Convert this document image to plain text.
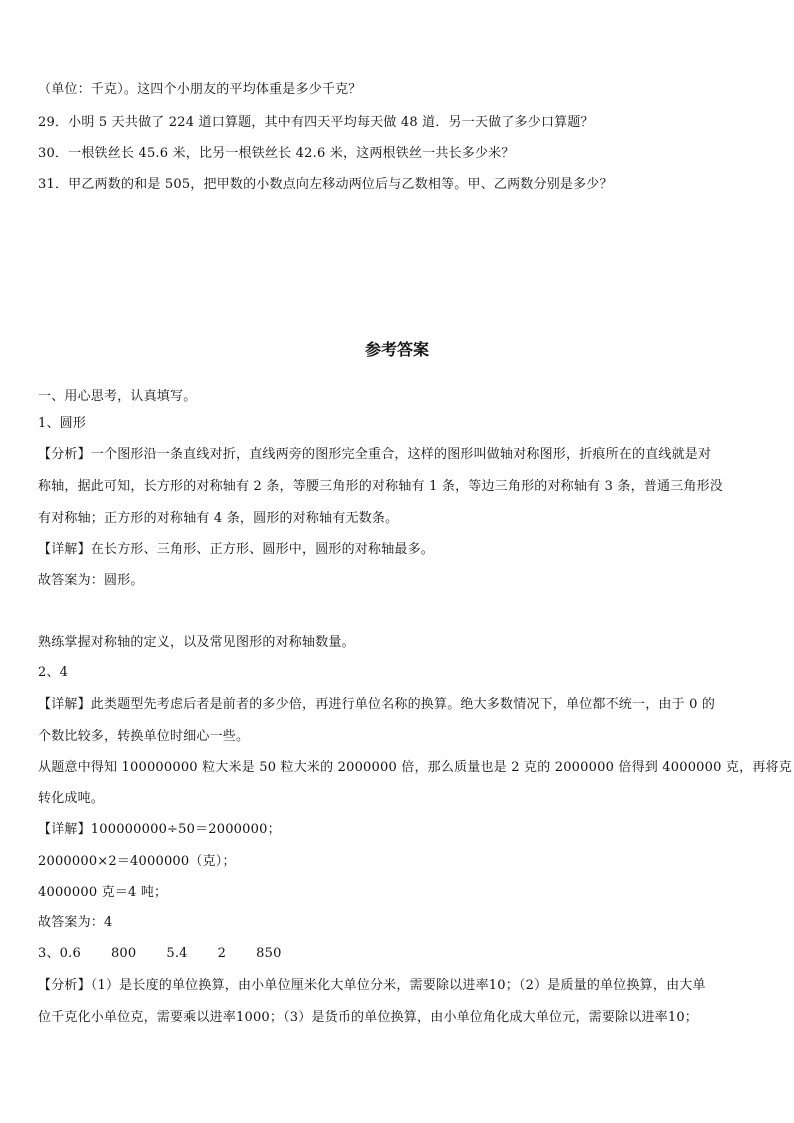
（单位：千克）。这四个小朋友的平均体重是多少千克？
29．小明 5 天共做了 224 道口算题，其中有四天平均每天做 48 道．另一天做了多少口算题？
30．一根铁丝长 45.6 米，比另一根铁丝长 42.6 米，这两根铁丝一共长多少米？
31．甲乙两数的和是 505，把甲数的小数点向左移动两位后与乙数相等。甲、乙两数分别是多少？
参考答案
一、用心思考，认真填写。
1、圆形
【分析】一个图形沿一条直线对折，直线两旁的图形完全重合，这样的图形叫做轴对称图形，折痕所在的直线就是对
称轴，据此可知，长方形的对称轴有 2 条，等腰三角形的对称轴有 1 条，等边三角形的对称轴有 3 条，普通三角形没
有对称轴；正方形的对称轴有 4 条，圆形的对称轴有无数条。
【详解】在长方形、三角形、正方形、圆形中，圆形的对称轴最多。
故答案为：圆形。
熟练掌握对称轴的定义，以及常见图形的对称轴数量。
2、4
【详解】此类题型先考虑后者是前者的多少倍，再进行单位名称的换算。绝大多数情况下，单位都不统一，由于 0 的
个数比较多，转换单位时细心一些。
从题意中得知 100000000 粒大米是 50 粒大米的 2000000 倍，那么质量也是 2 克的 2000000 倍得到 4000000 克，再将克
转化成吨。
【详解】100000000÷50＝2000000；
2000000×2＝4000000（克）；
4000000 克＝4 吨；
故答案为：4
3、0.6 800 5.4 2 850
【分析】（1）是长度的单位换算，由小单位厘米化大单位分米，需要除以进率10；（2）是质量的单位换算，由大单
位千克化小单位克，需要乘以进率1000；（3）是货币的单位换算，由小单位角化成大单位元，需要除以进率10；
